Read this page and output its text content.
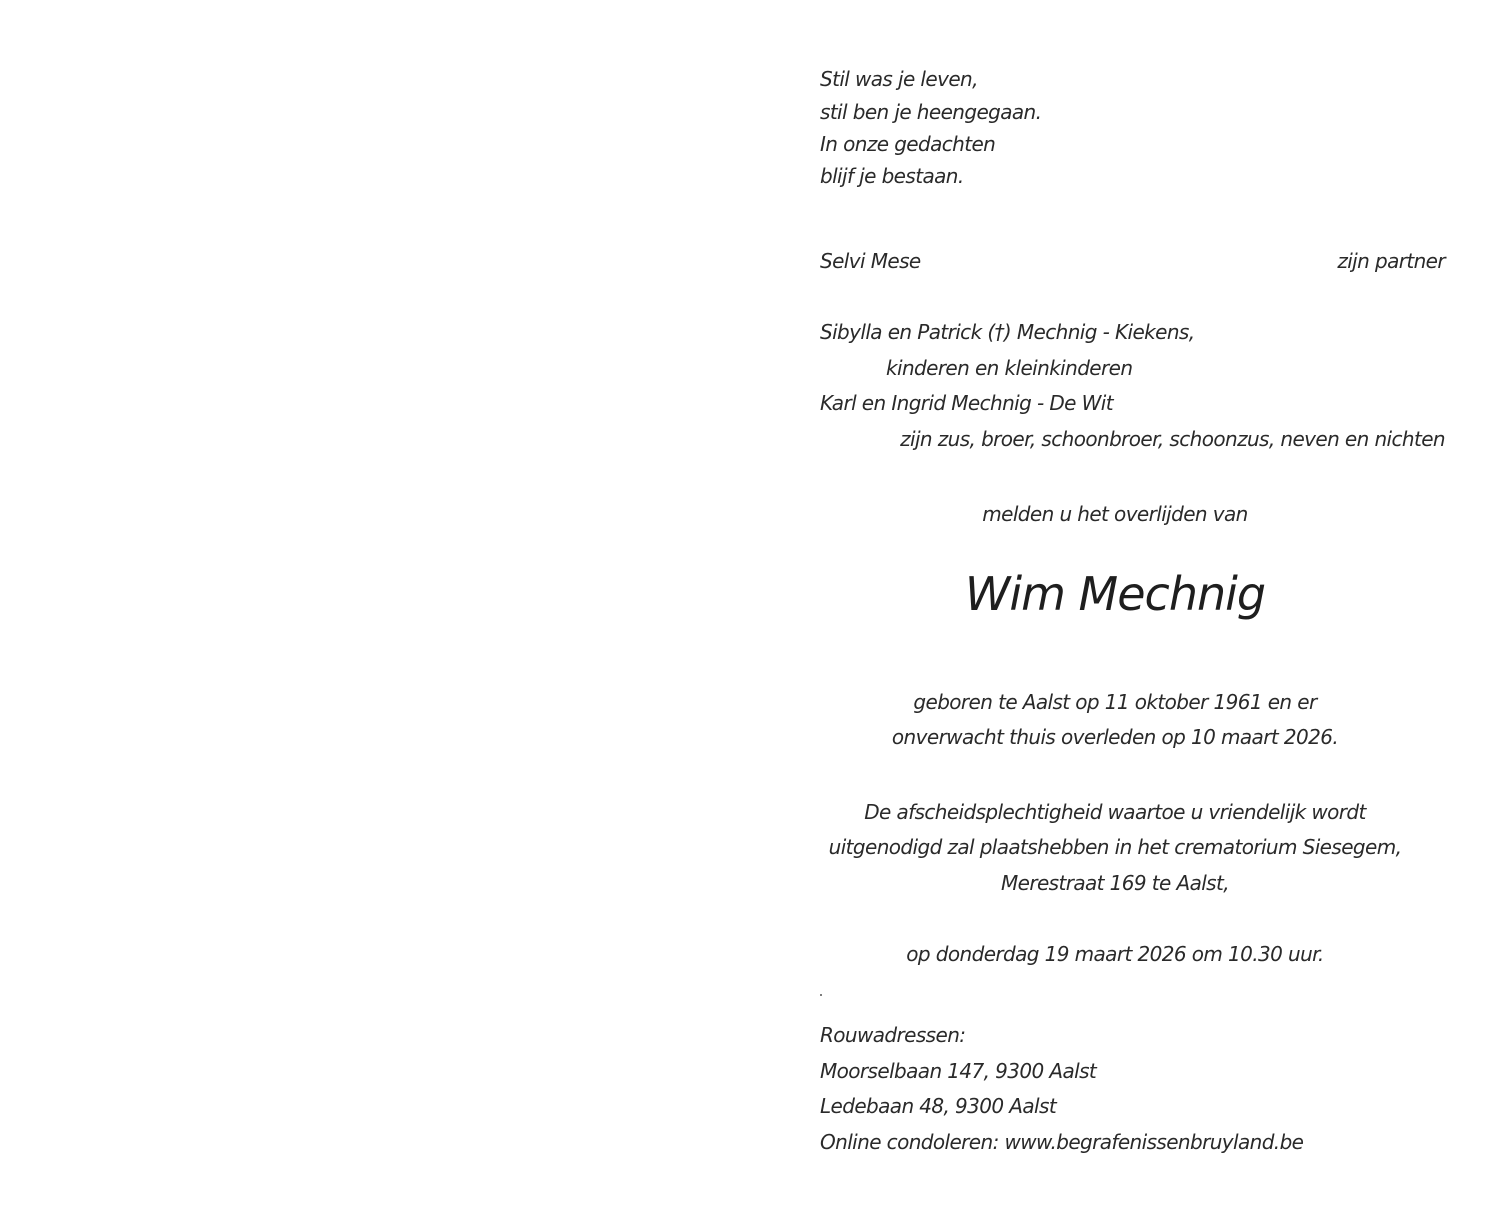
Stil was je leven,
stil ben je heengegaan.
In onze gedachten
blijf je bestaan.
Selvi Mese	zijn partner
Sibylla en Patrick (†) Mechnig - Kiekens,
kinderen en kleinkinderen
Karl en Ingrid Mechnig - De Wit
zijn zus, broer, schoonbroer, schoonzus, neven en nichten
melden u het overlijden van
Wim Mechnig
geboren te Aalst op 11 oktober 1961 en er
onverwacht thuis overleden op 10 maart 2026.
De afscheidsplechtigheid waartoe u vriendelijk wordt
uitgenodigd zal plaatshebben in het crematorium Siesegem,
Merestraat 169 te Aalst,
op donderdag 19 maart 2026 om 10.30 uur.
Rouwadressen:
Moorselbaan 147, 9300 Aalst
Ledebaan 48, 9300 Aalst
Online condoleren: www.begrafenissenbruyland.be
